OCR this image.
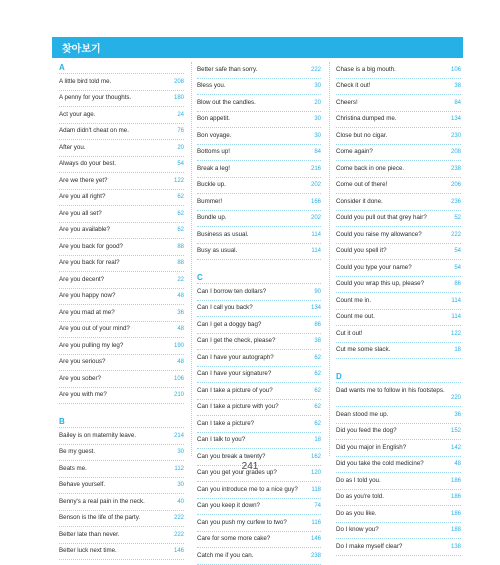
찾아보기
A
A little bird told me.	208
A penny for your thoughts.	180
Act your age.	24
Adam didn't cheat on me.	76
After you.	20
Always do your best.	54
Are we there yet?	122
Are you all right?	62
Are you all set?	62
Are you available?	62
Are you back for good?	88
Are you back for real?	88
Are you decent?	22
Are you happy now?	48
Are you mad at me?	36
Are you out of your mind?	48
Are you pulling my leg?	190
Are you serious?	48
Are you sober?	106
Are you with me?	210
B
Bailey is on maternity leave.	214
Be my guest.	30
Beats me.	112
Behave yourself.	30
Benny's a real pain in the neck.	40
Benson is the life of the party.	222
Better late than never.	222
Better luck next time.	146
Better safe than sorry.	222
Bless you.	30
Blow out the candles.	20
Bon appetit.	30
Bon voyage.	30
Bottoms up!	84
Break a leg!	216
Buckle up.	202
Bummer!	166
Bundle up.	202
Business as usual.	114
Busy as usual.	114
C
Can I borrow ten dollars?	90
Can I call you back?	134
Can I get a doggy bag?	86
Can I get the check, please?	38
Can I have your autograph?	62
Can I have your signature?	62
Can I take a picture of you?	62
Can I take a picture with you?	62
Can I take a picture?	62
Can I talk to you?	18
Can you break a twenty?	162
Can you get your grades up?	120
Can you introduce me to a nice guy?	118
Can you keep it down?	74
Can you push my curfew to two?	116
Care for some more cake?	146
Catch me if you can.	238
Chase is a big mouth.	106
Check it out!	38
Cheers!	84
Christina dumped me.	134
Close but no cigar.	230
Come again?	208
Come back in one piece.	238
Come out of there!	206
Consider it done.	236
Could you pull out that grey hair?	52
Could you raise my allowance?	222
Could you spell it?	54
Could you type your name?	54
Could you wrap this up, please?	86
Count me in.	114
Count me out.	114
Cut it out!	122
Cut me some slack.	18
D
Dad wants me to follow in his footsteps.
220
Dean stood me up.	36
Did you feed the dog?	152
Did you major in English?	142
Did you take the cold medicine?	48
Do as I told you.	186
Do as you're told.	186
Do as you like.	186
Do I know you?	188
Do I make myself clear?	138
241
